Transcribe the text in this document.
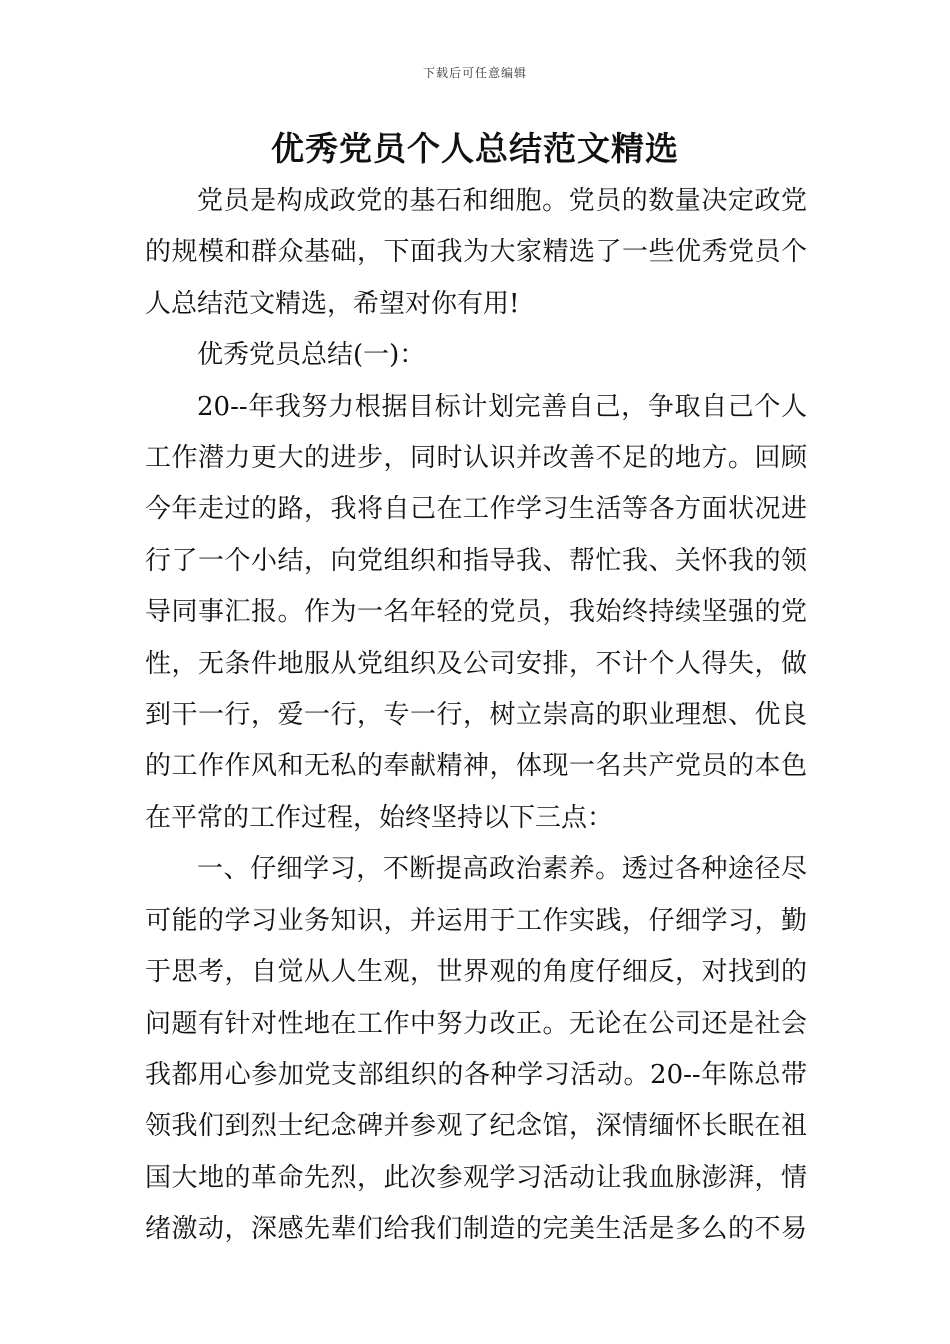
下载后可任意编辑
优秀党员个人总结范文精选

党员是构成政党的基石和细胞。党员的数量决定政党
的规模和群众基础，下面我为大家精选了一些优秀党员个
人总结范文精选，希望对你有用!

优秀党员总结(一)：

20--年我努力根据目标计划完善自己，争取自己个人
工作潜力更大的进步，同时认识并改善不足的地方。回顾
今年走过的路，我将自己在工作学习生活等各方面状况进
行了一个小结，向党组织和指导我、帮忙我、关怀我的领
导同事汇报。作为一名年轻的党员，我始终持续坚强的党
性，无条件地服从党组织及公司安排，不计个人得失，做
到干一行，爱一行，专一行，树立崇高的职业理想、优良
的工作作风和无私的奉献精神，体现一名共产党员的本色
在平常的工作过程，始终坚持以下三点：

一、仔细学习，不断提高政治素养。透过各种途径尽
可能的学习业务知识，并运用于工作实践，仔细学习，勤
于思考，自觉从人生观，世界观的角度仔细反，对找到的
问题有针对性地在工作中努力改正。无论在公司还是社会
我都用心参加党支部组织的各种学习活动。20--年陈总带
领我们到烈士纪念碑并参观了纪念馆，深情缅怀长眠在祖
国大地的革命先烈，此次参观学习活动让我血脉澎湃，情
绪激动，深感先辈们给我们制造的完美生活是多么的不易
